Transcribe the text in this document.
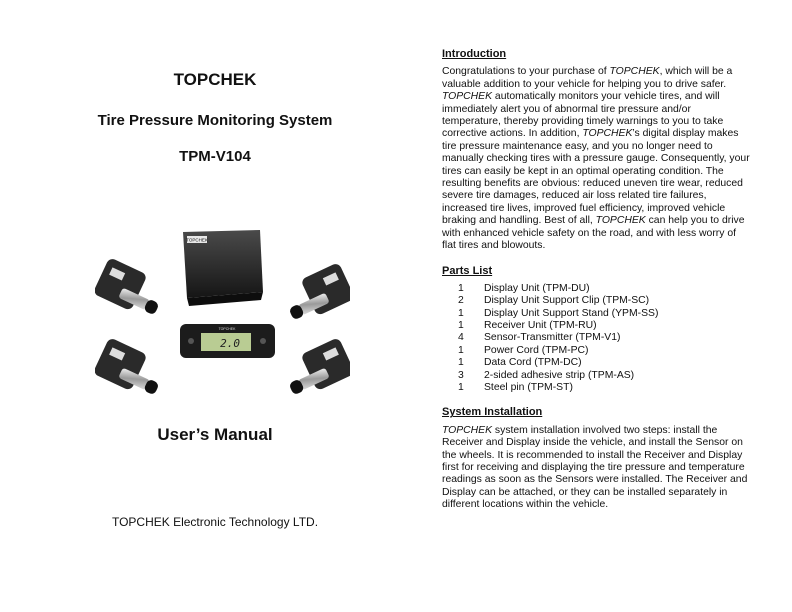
TOPCHEK
Tire Pressure Monitoring System
TPM-V104
TOPCHEK
2.0
TOPCHEK
User’s Manual
TOPCHEK Electronic Technology LTD.

Introduction

Congratulations to your purchase of TOPCHEK, which will be a valuable addition to your vehicle for helping you to drive safer. TOPCHEK automatically monitors your vehicle tires, and will immediately alert you of abnormal tire pressure and/or temperature, thereby providing timely warnings to you to take corrective actions. In addition, TOPCHEK’s digital display makes tire pressure maintenance easy, and you no longer need to manually checking tires with a pressure gauge. Consequently, your tires can easily be kept in an optimal operating condition. The resulting benefits are obvious: reduced uneven tire wear, reduced severe tire damages, reduced air loss related tire failures, increased tire lives, improved fuel efficiency, improved vehicle braking and handling. Best of all, TOPCHEK can help you to drive with enhanced vehicle safety on the road, and with less worry of flat tires and blowouts.

Parts List

1	Display Unit (TPM-DU)
2	Display Unit Support Clip (TPM-SC)
1	Display Unit Support Stand (YPM-SS)
1	Receiver Unit (TPM-RU)
4	Sensor-Transmitter (TPM-V1)
1	Power Cord (TPM-PC)
1	Data Cord (TPM-DC)
3	2-sided adhesive strip (TPM-AS)
1	Steel pin (TPM-ST)

System Installation

TOPCHEK system installation involved two steps: install the Receiver and Display inside the vehicle, and install the Sensor on the wheels. It is recommended to install the Receiver and Display first for receiving and displaying the tire pressure and temperature readings as soon as the Sensors were installed. The Receiver and Display can be attached, or they can be installed separately in different locations within the vehicle.
